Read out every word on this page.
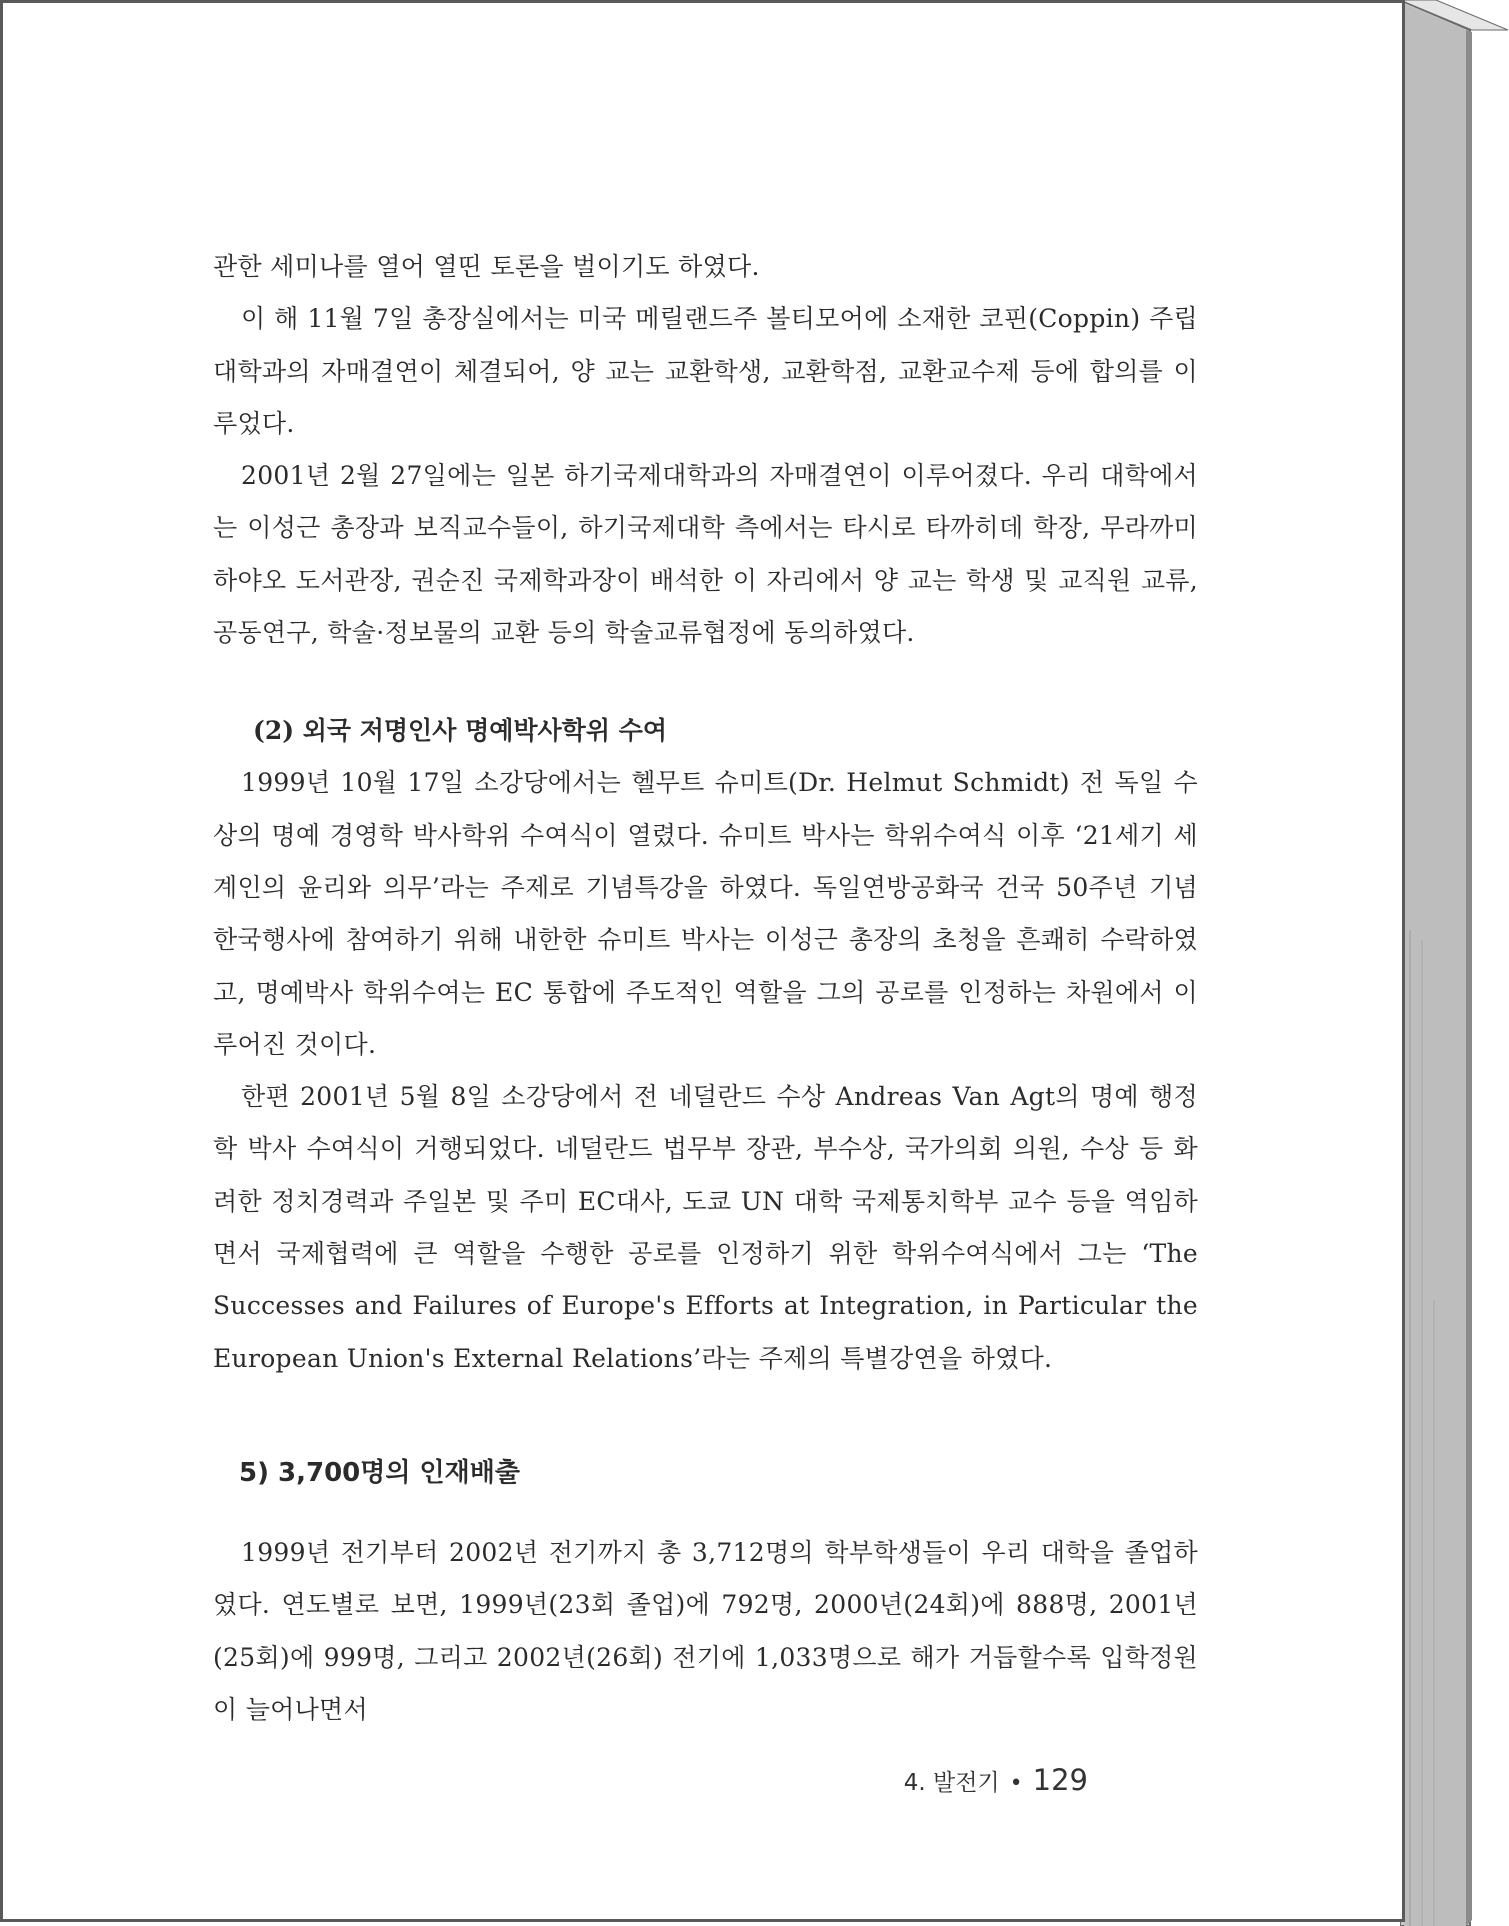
관한 세미나를 열어 열띤 토론을 벌이기도 하였다.

이 해 11월 7일 총장실에서는 미국 메릴랜드주 볼티모어에 소재한 코핀(Coppin) 주립대학과의 자매결연이 체결되어, 양 교는 교환학생, 교환학점, 교환교수제 등에 합의를 이루었다.

2001년 2월 27일에는 일본 하기국제대학과의 자매결연이 이루어졌다. 우리 대학에서는 이성근 총장과 보직교수들이, 하기국제대학 측에서는 타시로 타까히데 학장, 무라까미 하야오 도서관장, 권순진 국제학과장이 배석한 이 자리에서 양 교는 학생 및 교직원 교류, 공동연구, 학술·정보물의 교환 등의 학술교류협정에 동의하였다.

(2) 외국 저명인사 명예박사학위 수여

1999년 10월 17일 소강당에서는 헬무트 슈미트(Dr. Helmut Schmidt) 전 독일 수상의 명예 경영학 박사학위 수여식이 열렸다. 슈미트 박사는 학위수여식 이후 ‘21세기 세계인의 윤리와 의무’라는 주제로 기념특강을 하였다. 독일연방공화국 건국 50주년 기념 한국행사에 참여하기 위해 내한한 슈미트 박사는 이성근 총장의 초청을 흔쾌히 수락하였고, 명예박사 학위수여는 EC 통합에 주도적인 역할을 그의 공로를 인정하는 차원에서 이루어진 것이다.

한편 2001년 5월 8일 소강당에서 전 네덜란드 수상 Andreas Van Agt의 명예 행정학 박사 수여식이 거행되었다. 네덜란드 법무부 장관, 부수상, 국가의회 의원, 수상 등 화려한 정치경력과 주일본 및 주미 EC대사, 도쿄 UN 대학 국제통치학부 교수 등을 역임하면서 국제협력에 큰 역할을 수행한 공로를 인정하기 위한 학위수여식에서 그는 ‘The Successes and Failures of Europe's Efforts at Integration, in Particular the European Union's External Relations’라는 주제의 특별강연을 하였다.

5) 3,700명의 인재배출

1999년 전기부터 2002년 전기까지 총 3,712명의 학부학생들이 우리 대학을 졸업하였다. 연도별로 보면, 1999년(23회 졸업)에 792명, 2000년(24회)에 888명, 2001년(25회)에 999명, 그리고 2002년(26회) 전기에 1,033명으로 해가 거듭할수록 입학정원이 늘어나면서

4. 발전기 • 129
